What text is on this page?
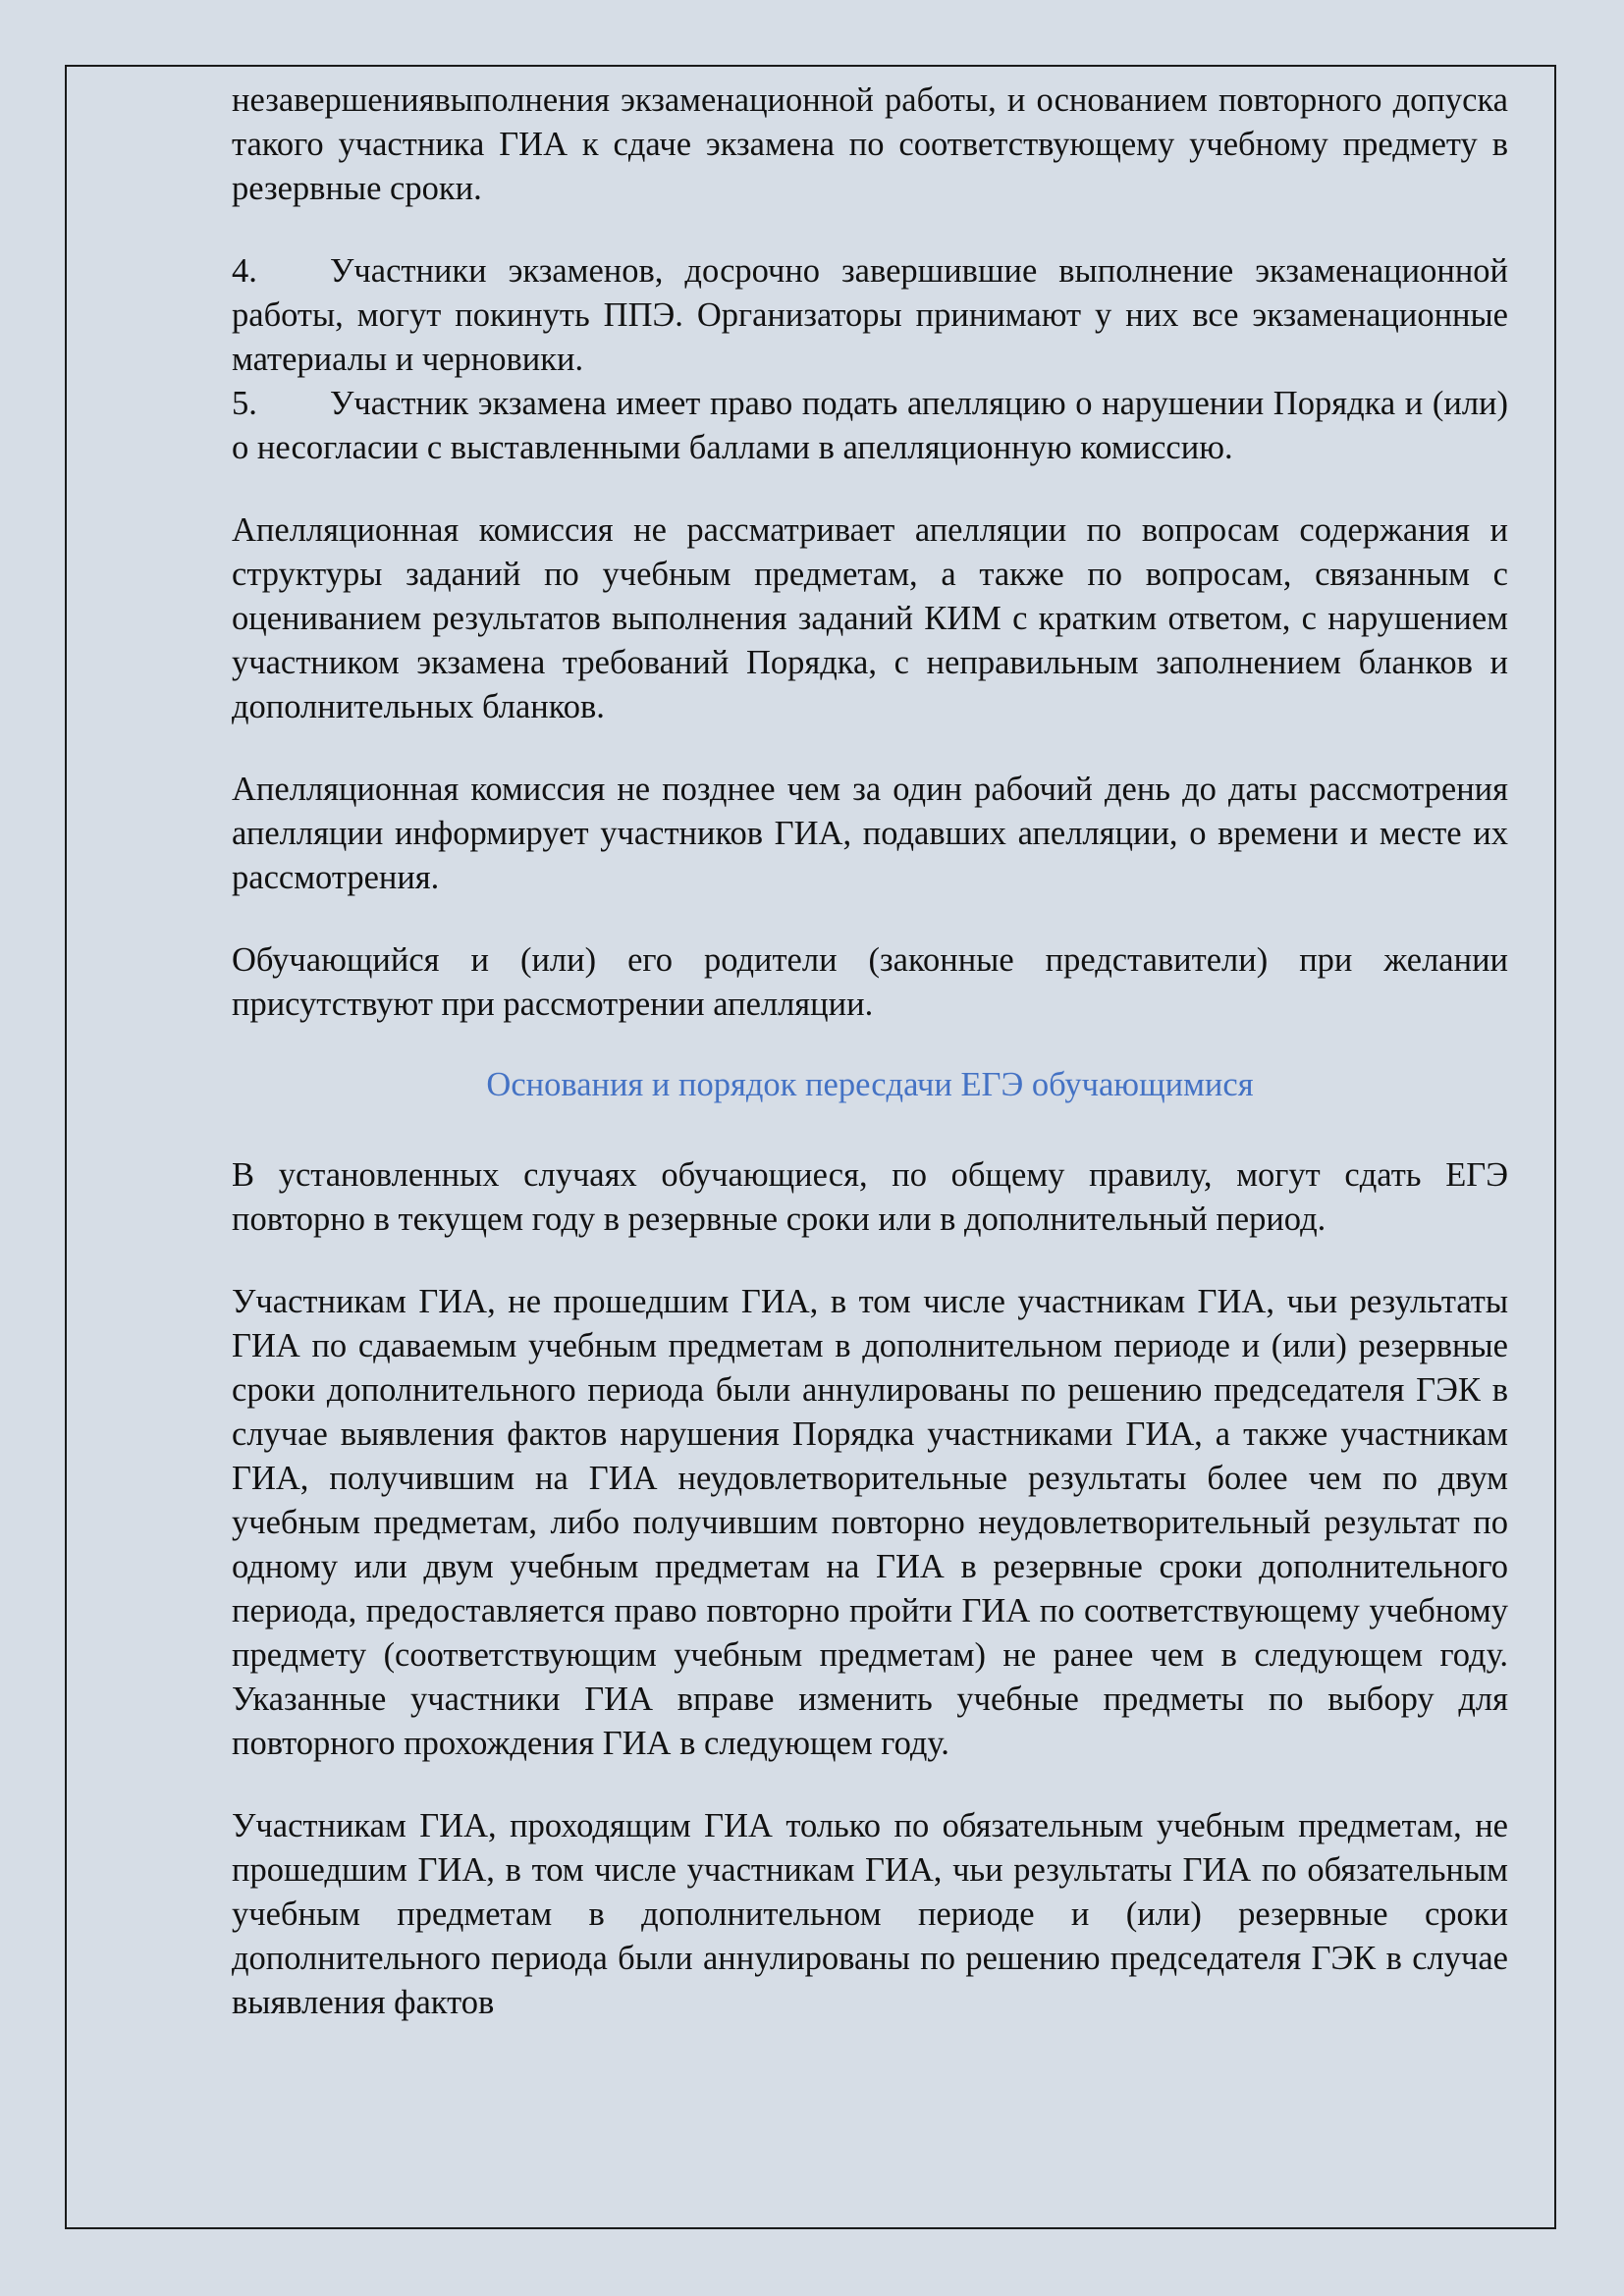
незавершениявыполнения экзаменационной работы, и основанием повторного допуска такого участника ГИА к сдаче экзамена по соответствующему учебному предмету в резервные сроки.

4. Участники экзаменов, досрочно завершившие выполнение экзаменационной работы, могут покинуть ППЭ. Организаторы принимают у них все экзаменационные материалы и черновики.

5. Участник экзамена имеет право подать апелляцию о нарушении Порядка и (или) о несогласии с выставленными баллами в апелляционную комиссию.

Апелляционная комиссия не рассматривает апелляции по вопросам содержания и структуры заданий по учебным предметам, а также по вопросам, связанным с оцениванием результатов выполнения заданий КИМ с кратким ответом, с нарушением участником экзамена требований Порядка, с неправильным заполнением бланков и дополнительных бланков.

Апелляционная комиссия не позднее чем за один рабочий день до даты рассмотрения апелляции информирует участников ГИА, подавших апелляции, о времени и месте их рассмотрения.

Обучающийся и (или) его родители (законные представители) при желании присутствуют при рассмотрении апелляции.

Основания и порядок пересдачи ЕГЭ обучающимися

В установленных случаях обучающиеся, по общему правилу, могут сдать ЕГЭ повторно в текущем году в резервные сроки или в дополнительный период.

Участникам ГИА, не прошедшим ГИА, в том числе участникам ГИА, чьи результаты ГИА по сдаваемым учебным предметам в дополнительном периоде и (или) резервные сроки дополнительного периода были аннулированы по решению председателя ГЭК в случае выявления фактов нарушения Порядка участниками ГИА, а также участникам ГИА, получившим на ГИА неудовлетворительные результаты более чем по двум учебным предметам, либо получившим повторно неудовлетворительный результат по одному или двум учебным предметам на ГИА в резервные сроки дополнительного периода, предоставляется право повторно пройти ГИА по соответствующему учебному предмету (соответствующим учебным предметам) не ранее чем в следующем году. Указанные участники ГИА вправе изменить учебные предметы по выбору для повторного прохождения ГИА в следующем году.

Участникам ГИА, проходящим ГИА только по обязательным учебным предметам, не прошедшим ГИА, в том числе участникам ГИА, чьи результаты ГИА по обязательным учебным предметам в дополнительном периоде и (или) резервные сроки дополнительного периода были аннулированы по решению председателя ГЭК в случае выявления фактов
